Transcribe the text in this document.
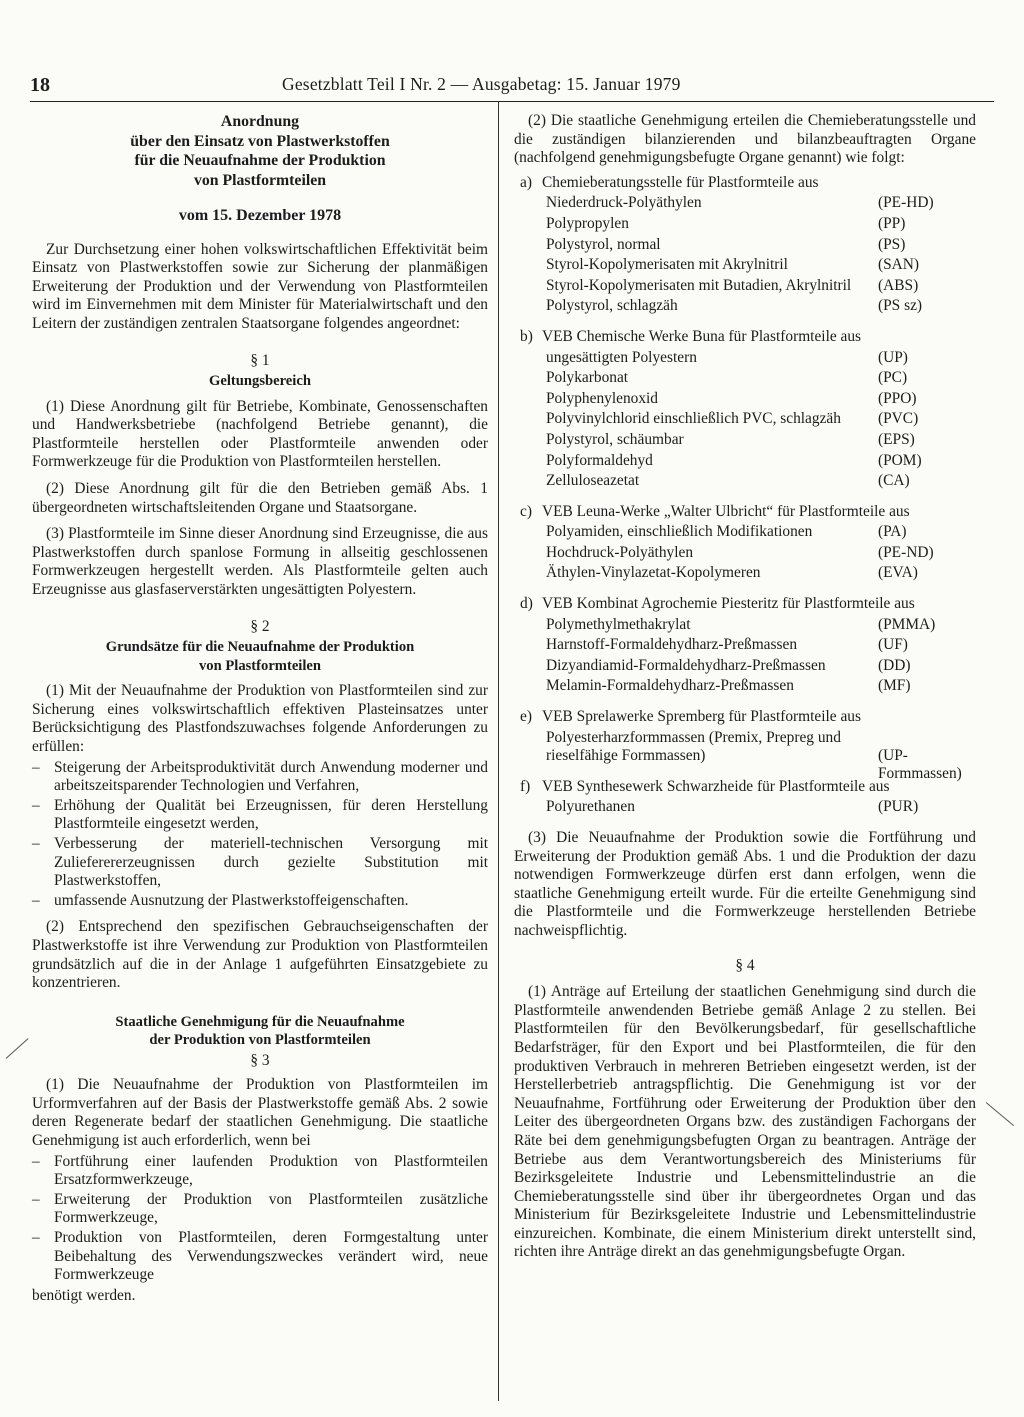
18	Gesetzblatt Teil I Nr. 2 — Ausgabetag: 15. Januar 1979
Anordnung
über den Einsatz von Plastwerkstoffen
für die Neuaufnahme der Produktion
von Plastformteilen
vom 15. Dezember 1978

Zur Durchsetzung einer hohen volkswirtschaftlichen Effektivität beim Einsatz von Plastwerkstoffen sowie zur Sicherung der planmäßigen Erweiterung der Produktion und der Verwendung von Plastformteilen wird im Einvernehmen mit dem Minister für Materialwirtschaft und den Leitern der zuständigen zentralen Staatsorgane folgendes angeordnet:

§ 1
Geltungsbereich
(1) Diese Anordnung gilt für Betriebe, Kombinate, Genossenschaften und Handwerksbetriebe (nachfolgend Betriebe genannt), die Plastformteile herstellen oder Plastformteile anwenden oder Formwerkzeuge für die Produktion von Plastformteilen herstellen.
(2) Diese Anordnung gilt für die den Betrieben gemäß Abs. 1 übergeordneten wirtschaftsleitenden Organe und Staatsorgane.
(3) Plastformteile im Sinne dieser Anordnung sind Erzeugnisse, die aus Plastwerkstoffen durch spanlose Formung in allseitig geschlossenen Formwerkzeugen hergestellt werden. Als Plastformteile gelten auch Erzeugnisse aus glasfaserverstärkten ungesättigten Polyestern.
§ 2
Grundsätze für die Neuaufnahme der Produktion
von Plastformteilen
(1) Mit der Neuaufnahme der Produktion von Plastformteilen sind zur Sicherung eines volkswirtschaftlich effektiven Plasteinsatzes unter Berücksichtigung des Plastfondszuwachses folgende Anforderungen zu erfüllen:
– Steigerung der Arbeitsproduktivität durch Anwendung moderner und arbeitszeitsparender Technologien und Verfahren,
– Erhöhung der Qualität bei Erzeugnissen, für deren Herstellung Plastformteile eingesetzt werden,
– Verbesserung der materiell-technischen Versorgung mit Zulieferererzeugnissen durch gezielte Substitution mit Plastwerkstoffen,
– umfassende Ausnutzung der Plastwerkstoffeigenschaften.
(2) Entsprechend den spezifischen Gebrauchseigenschaften der Plastwerkstoffe ist ihre Verwendung zur Produktion von Plastformteilen grundsätzlich auf die in der Anlage 1 aufgeführten Einsatzgebiete zu konzentrieren.
Staatliche Genehmigung für die Neuaufnahme
der Produktion von Plastformteilen
§ 3
(1) Die Neuaufnahme der Produktion von Plastformteilen im Urformverfahren auf der Basis der Plastwerkstoffe gemäß Abs. 2 sowie deren Regenerate bedarf der staatlichen Genehmigung. Die staatliche Genehmigung ist auch erforderlich, wenn bei
– Fortführung einer laufenden Produktion von Plastformteilen Ersatzformwerkzeuge,
– Erweiterung der Produktion von Plastformteilen zusätzliche Formwerkzeuge,
– Produktion von Plastformteilen, deren Formgestaltung unter Beibehaltung des Verwendungszweckes verändert wird, neue Formwerkzeuge
benötigt werden.
(2) Die staatliche Genehmigung erteilen die Chemieberatungsstelle und die zuständigen bilanzierenden und bilanzbeauftragten Organe (nachfolgend genehmigungsbefugte Organe genannt) wie folgt:
a) Chemieberatungsstelle für Plastformteile aus
Niederdruck-Polyäthylen	(PE-HD)
Polypropylen	(PP)
Polystyrol, normal	(PS)
Styrol-Kopolymerisaten mit Akrylnitril	(SAN)
Styrol-Kopolymerisaten mit Butadien, Akrylnitril (ABS)
Polystyrol, schlagzäh	(PS sz)
b) VEB Chemische Werke Buna für Plastformteile aus
ungesättigten Polyestern	(UP)
Polykarbonat	(PC)
Polyphenylenoxid	(PPO)
Polyvinylchlorid einschließlich PVC, schlagzäh (PVC)
Polystyrol, schäumbar	(EPS)
Polyformaldehyd	(POM)
Zelluloseazetat	(CA)
c) VEB Leuna-Werke „Walter Ulbricht“ für Plastformteile aus
Polyamiden, einschließlich Modifikationen	(PA)
Hochdruck-Polyäthylen	(PE-ND)
Äthylen-Vinylazetat-Kopolymeren	(EVA)
d) VEB Kombinat Agrochemie Piesteritz für Plastformteile aus
Polymethylmethakrylat	(PMMA)
Harnstoff-Formaldehydharz-Preßmassen	(UF)
Dizyandiamid-Formaldehydharz-Preßmassen	(DD)
Melamin-Formaldehydharz-Preßmassen	(MF)
e) VEB Sprelawerke Spremberg für Plastformteile aus
Polyesterharzformmassen (Premix, Prepreg und rieselfähige Formmassen)	(UP-Formmassen)
f) VEB Synthesewerk Schwarzheide für Plastformteile aus
Polyurethanen	(PUR)
(3) Die Neuaufnahme der Produktion sowie die Fortführung und Erweiterung der Produktion gemäß Abs. 1 und die Produktion der dazu notwendigen Formwerkzeuge dürfen erst dann erfolgen, wenn die staatliche Genehmigung erteilt wurde. Für die erteilte Genehmigung sind die Plastformteile und die Formwerkzeuge herstellenden Betriebe nachweispflichtig.
§ 4
(1) Anträge auf Erteilung der staatlichen Genehmigung sind durch die Plastformteile anwendenden Betriebe gemäß Anlage 2 zu stellen. Bei Plastformteilen für den Bevölkerungsbedarf, für gesellschaftliche Bedarfsträger, für den Export und bei Plastformteilen, die für den produktiven Verbrauch in mehreren Betrieben eingesetzt werden, ist der Herstellerbetrieb antragspflichtig. Die Genehmigung ist vor der Neuaufnahme, Fortführung oder Erweiterung der Produktion über den Leiter des übergeordneten Organs bzw. des zuständigen Fachorgans der Räte bei dem genehmigungsbefugten Organ zu beantragen. Anträge der Betriebe aus dem Verantwortungsbereich des Ministeriums für Bezirksgeleitete Industrie und Lebensmittelindustrie an die Chemieberatungsstelle sind über ihr übergeordnetes Organ und das Ministerium für Bezirksgeleitete Industrie und Lebensmittelindustrie einzureichen. Kombinate, die einem Ministerium direkt unterstellt sind, richten ihre Anträge direkt an das genehmigungsbefugte Organ.
